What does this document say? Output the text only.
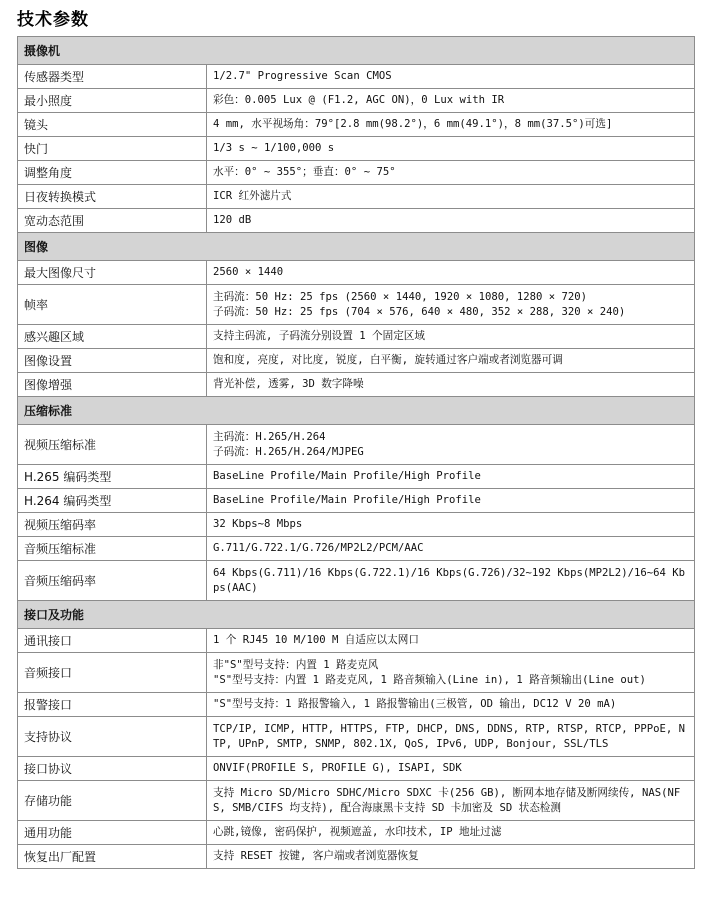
技术参数
摄像机	
传感器类型	1/2.7" Progressive Scan CMOS
最小照度	彩色：0.005 Lux @ (F1.2, AGC ON)，0 Lux with IR
镜头	4 mm, 水平视场角：79°[2.8 mm(98.2°)，6 mm(49.1°)，8 mm(37.5°)可选]
快门	1/3 s ~ 1/100,000 s
调整角度	水平：0° ~ 355°；垂直：0° ~ 75°
日夜转换模式	ICR 红外滤片式
宽动态范围	120 dB
图像	
最大图像尺寸	2560 × 1440
帧率	主码流：50 Hz: 25 fps (2560 × 1440, 1920 × 1080, 1280 × 720)
子码流：50 Hz: 25 fps (704 × 576, 640 × 480, 352 × 288, 320 × 240)
感兴趣区域	支持主码流, 子码流分别设置 1 个固定区域
图像设置	饱和度, 亮度, 对比度, 锐度, 白平衡, 旋转通过客户端或者浏览器可调
图像增强	背光补偿, 透雾, 3D 数字降噪
压缩标准	
视频压缩标准	主码流：H.265/H.264
子码流：H.265/H.264/MJPEG
H.265 编码类型	BaseLine Profile/Main Profile/High Profile
H.264 编码类型	BaseLine Profile/Main Profile/High Profile
视频压缩码率	32 Kbps~8 Mbps
音频压缩标准	G.711/G.722.1/G.726/MP2L2/PCM/AAC
音频压缩码率	64 Kbps(G.711)/16 Kbps(G.722.1)/16 Kbps(G.726)/32~192 Kbps(MP2L2)/16~64 Kbps(AAC)
接口及功能	
通讯接口	1 个 RJ45 10 M/100 M 自适应以太网口
音频接口	非"S"型号支持：内置 1 路麦克风
"S"型号支持：内置 1 路麦克风, 1 路音频输入(Line in), 1 路音频输出(Line out)
报警接口	"S"型号支持：1 路报警输入, 1 路报警输出(三极管, OD 输出, DC12 V 20 mA)
支持协议	TCP/IP, ICMP, HTTP, HTTPS, FTP, DHCP, DNS, DDNS, RTP, RTSP, RTCP, PPPoE, NTP, UPnP, SMTP, SNMP, 802.1X, QoS, IPv6, UDP, Bonjour, SSL/TLS
接口协议	ONVIF(PROFILE S, PROFILE G), ISAPI, SDK
存储功能	支持 Micro SD/Micro SDHC/Micro SDXC 卡(256 GB), 断网本地存储及断网续传, NAS(NFS, SMB/CIFS 均支持), 配合海康黑卡支持 SD 卡加密及 SD 状态检测
通用功能	心跳,镜像, 密码保护, 视频遮盖, 水印技术, IP 地址过滤
恢复出厂配置	支持 RESET 按键, 客户端或者浏览器恢复
